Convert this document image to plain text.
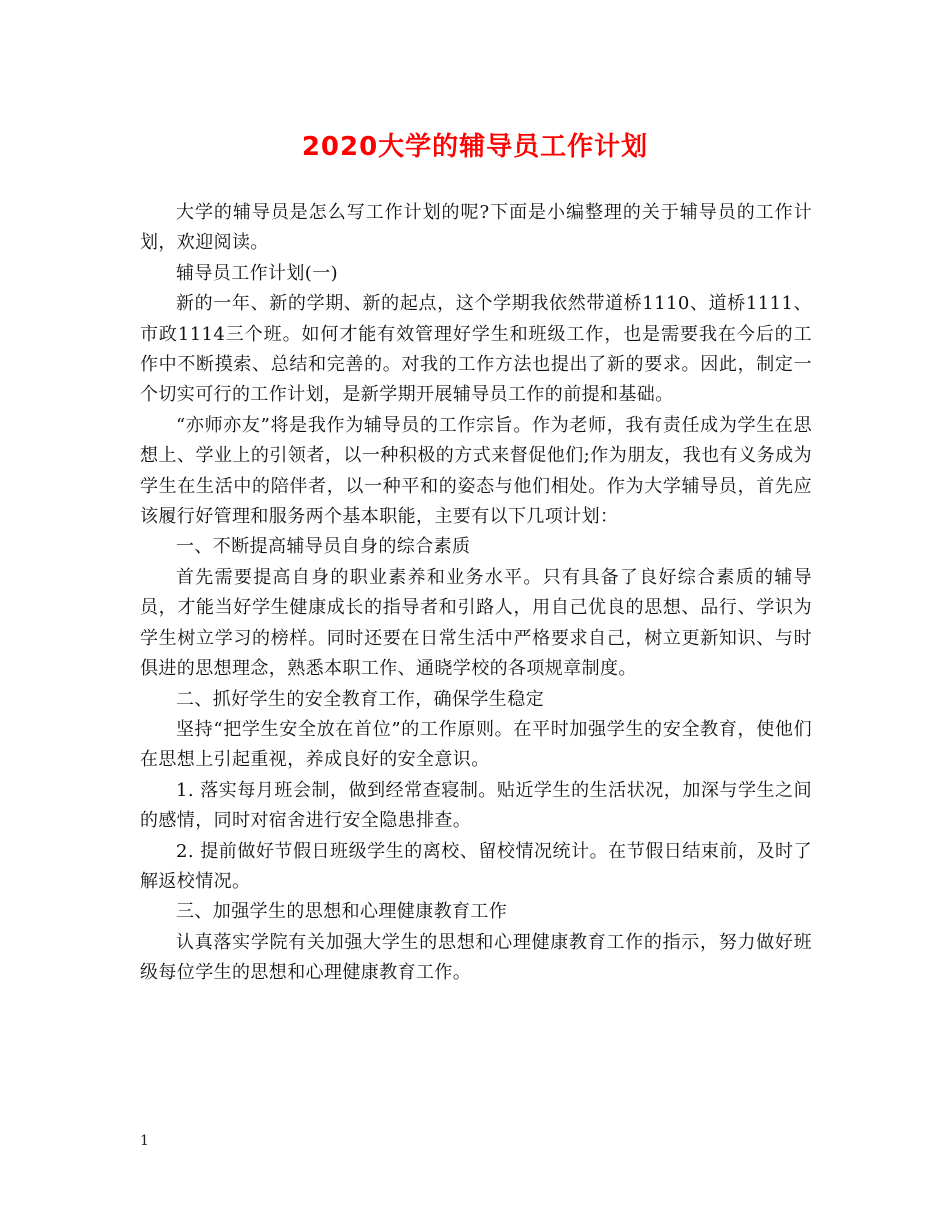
2020大学的辅导员工作计划

大学的辅导员是怎么写工作计划的呢?下面是小编整理的关于辅导员的工作计划，欢迎阅读。

辅导员工作计划(一)

新的一年、新的学期、新的起点，这个学期我依然带道桥1110、道桥1111、市政1114三个班。如何才能有效管理好学生和班级工作，也是需要我在今后的工作中不断摸索、总结和完善的。对我的工作方法也提出了新的要求。因此，制定一个切实可行的工作计划，是新学期开展辅导员工作的前提和基础。

“亦师亦友”将是我作为辅导员的工作宗旨。作为老师，我有责任成为学生在思想上、学业上的引领者，以一种积极的方式来督促他们;作为朋友，我也有义务成为学生在生活中的陪伴者，以一种平和的姿态与他们相处。作为大学辅导员，首先应该履行好管理和服务两个基本职能，主要有以下几项计划：

一、不断提高辅导员自身的综合素质

首先需要提高自身的职业素养和业务水平。只有具备了良好综合素质的辅导员，才能当好学生健康成长的指导者和引路人，用自己优良的思想、品行、学识为学生树立学习的榜样。同时还要在日常生活中严格要求自己，树立更新知识、与时俱进的思想理念，熟悉本职工作、通晓学校的各项规章制度。

二、抓好学生的安全教育工作，确保学生稳定

坚持“把学生安全放在首位”的工作原则。在平时加强学生的安全教育，使他们在思想上引起重视，养成良好的安全意识。

1. 落实每月班会制，做到经常查寝制。贴近学生的生活状况，加深与学生之间的感情，同时对宿舍进行安全隐患排查。

2. 提前做好节假日班级学生的离校、留校情况统计。在节假日结束前，及时了解返校情况。

三、加强学生的思想和心理健康教育工作

认真落实学院有关加强大学生的思想和心理健康教育工作的指示，努力做好班级每位学生的思想和心理健康教育工作。

1
